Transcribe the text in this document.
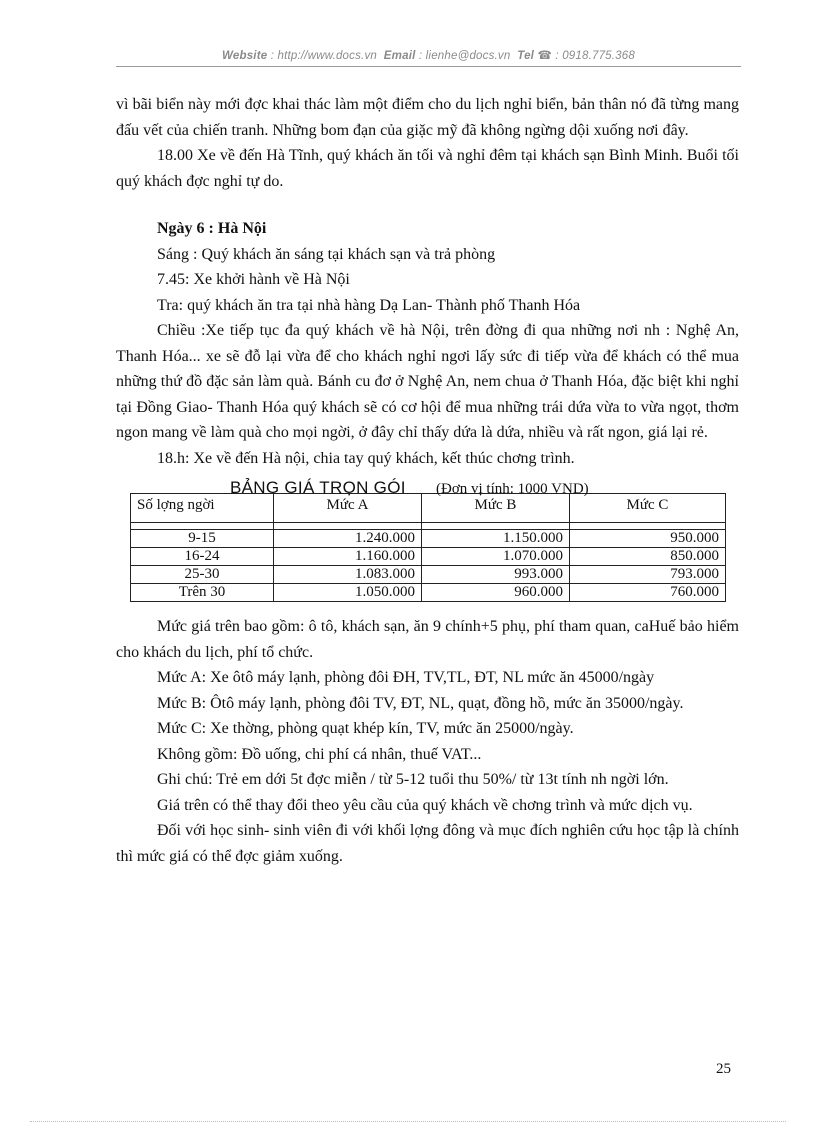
Website : http://www.docs.vn Email : lienhe@docs.vn Tel ☎ : 0918.775.368

vì bãi biển này mới đợc khai thác làm một điểm cho du lịch nghỉ biển, bản thân nó đã từng mang đấu vết của chiến tranh. Những bom đạn của giặc mỹ đã không ngừng dội xuống nơi đây.

18.00 Xe về đến Hà Tĩnh, quý khách ăn tối và nghỉ đêm tại khách sạn Bình Minh. Buổi tối quý khách đợc nghỉ tự do.

Ngày 6 : Hà Nội

Sáng : Quý khách ăn sáng tại khách sạn và trả phòng

7.45: Xe khởi hành về Hà Nội

Tra: quý khách ăn tra tại nhà hàng Dạ Lan- Thành phố Thanh Hóa

Chiều :Xe tiếp tục đa quý khách về hà Nội, trên đờng đi qua những nơi nh : Nghệ An, Thanh Hóa... xe sẽ đỗ lại vừa để cho khách nghỉ ngơi lấy sức đi tiếp vừa để khách có thể mua những thứ đồ đặc sản làm quà. Bánh cu đơ ở Nghệ An, nem chua ở Thanh Hóa, đặc biệt khi nghỉ tại Đồng Giao- Thanh Hóa quý khách sẽ có cơ hội để mua những trái dứa vừa to vừa ngọt, thơm ngon mang về làm quà cho mọi ngời, ở đây chỉ thấy dứa là dứa, nhiều và rất ngon, giá lại rẻ.

18.h: Xe về đến Hà nội, chia tay quý khách, kết thúc chơng trình.

BẢNG GIÁ TRỌN GÓI (Đơn vị tính: 1000 VND)
Số lợng ngời	Mức A	Mức B	Mức C

9-15	1.240.000	1.150.000	950.000
16-24	1.160.000	1.070.000	850.000
25-30	1.083.000	993.000	793.000
Trên 30	1.050.000	960.000	760.000

Mức giá trên bao gồm: ô tô, khách sạn, ăn 9 chính+5 phụ, phí tham quan, caHuế bảo hiểm cho khách du lịch, phí tổ chức.

Mức A: Xe ôtô máy lạnh, phòng đôi ĐH, TV,TL, ĐT, NL mức ăn 45000/ngày

Mức B: Ôtô máy lạnh, phòng đôi TV, ĐT, NL, quạt, đồng hồ, mức ăn 35000/ngày.

Mức C: Xe thờng, phòng quạt khép kín, TV, mức ăn 25000/ngày.

Không gồm: Đồ uống, chi phí cá nhân, thuế VAT...

Ghi chú: Trẻ em dới 5t đợc miễn / từ 5-12 tuổi thu 50%/ từ 13t tính nh ngời lớn.

Giá trên có thể thay đổi theo yêu cầu của quý khách về chơng trình và mức dịch vụ.

Đối với học sinh- sinh viên đi với khối lợng đông và mục đích nghiên cứu học tập là chính thì mức giá có thể đợc giảm xuống.

25
